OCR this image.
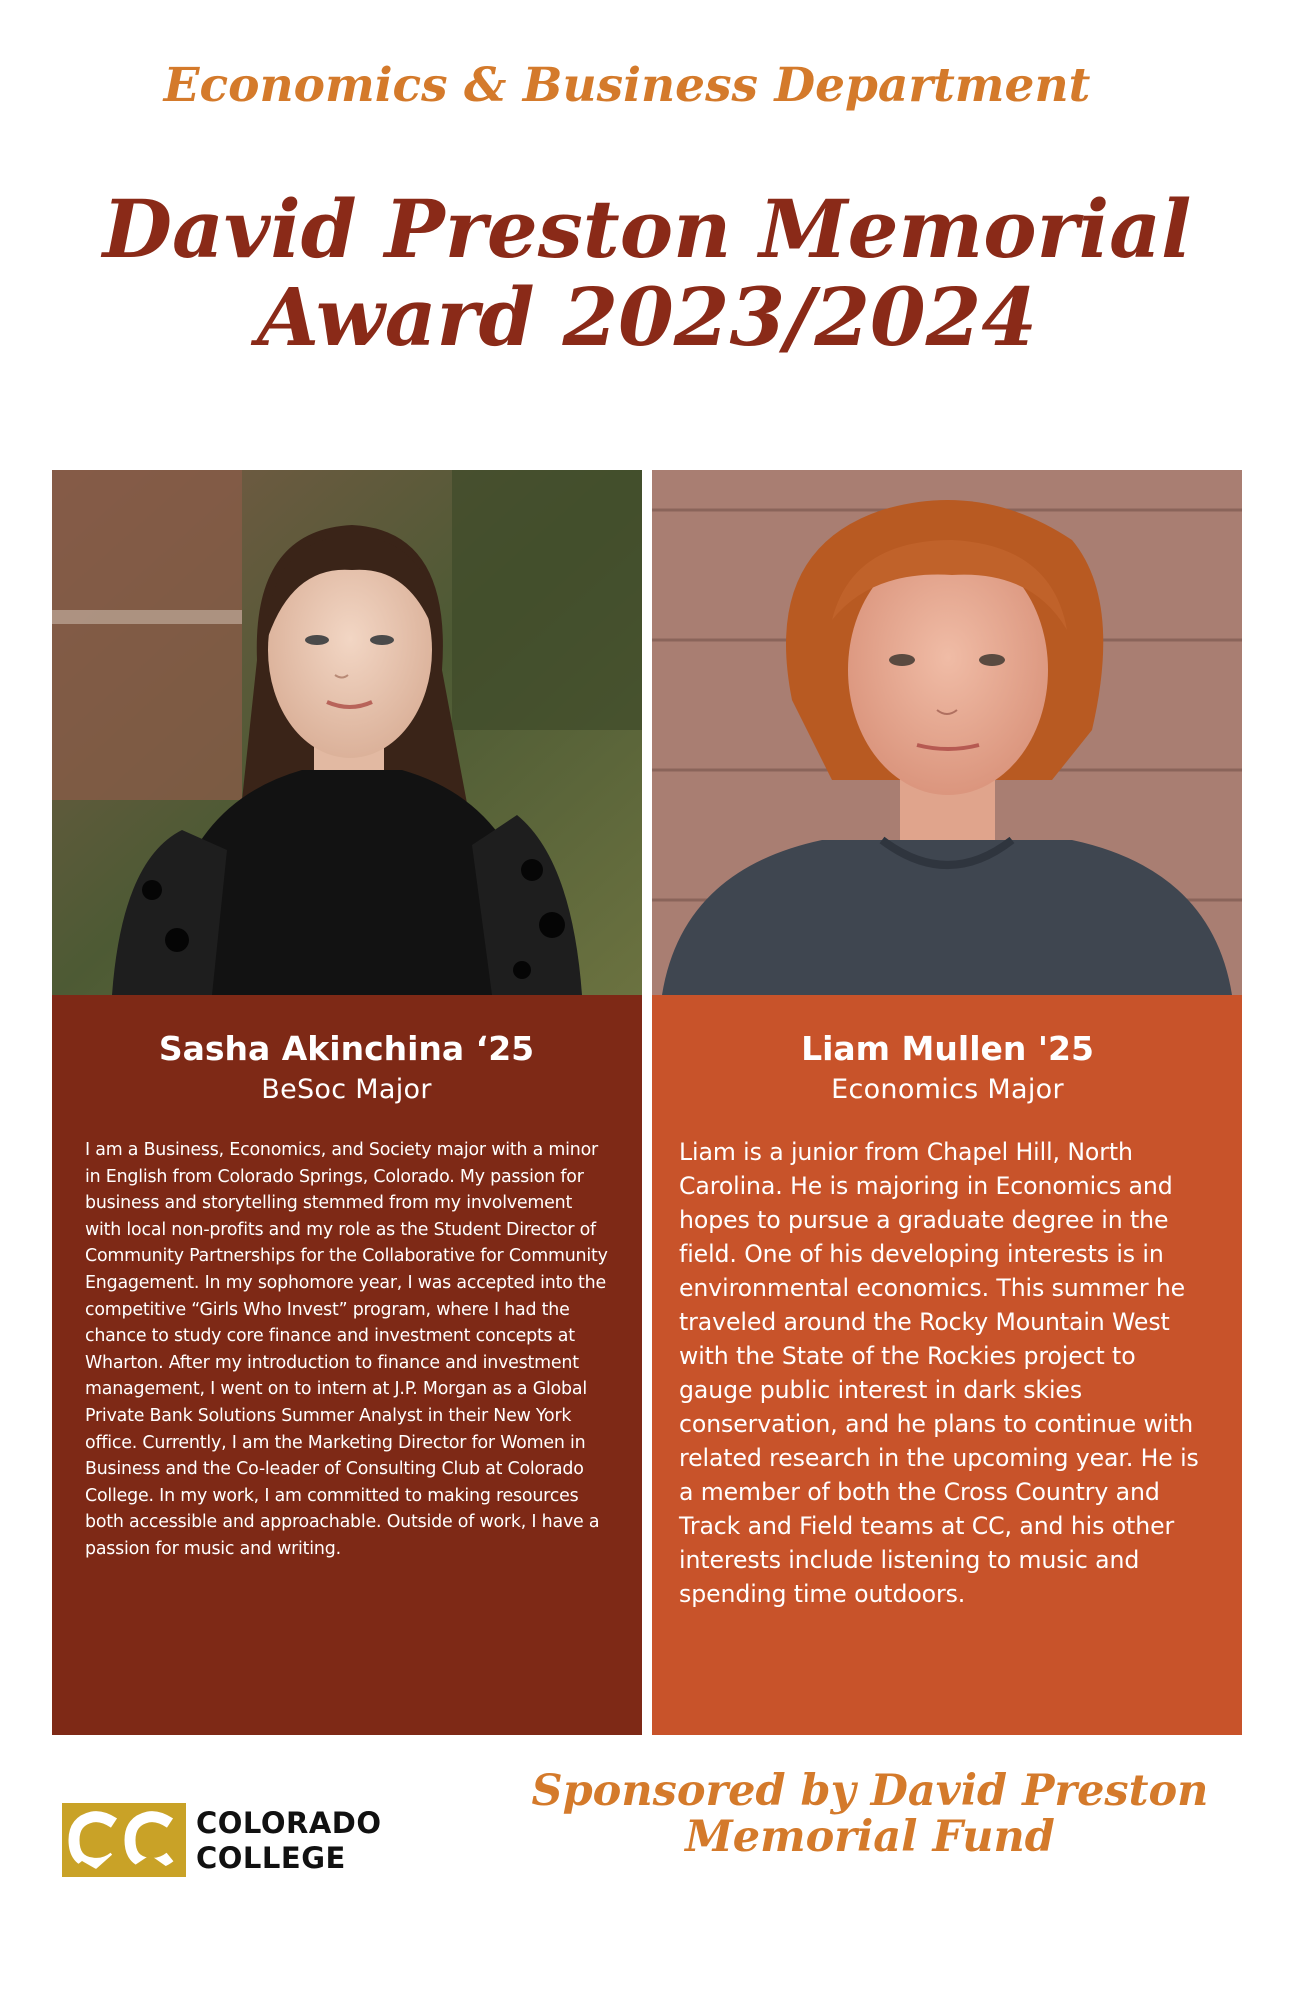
Economics & Business Department
David Preston Memorial
Award 2023/2024
Sasha Akinchina ‘25
BeSoc Major
I am a Business, Economics, and Society major with a minor in English from Colorado Springs, Colorado. My passion for business and storytelling stemmed from my involvement with local non-profits and my role as the Student Director of Community Partnerships for the Collaborative for Community Engagement. In my sophomore year, I was accepted into the competitive “Girls Who Invest” program, where I had the chance to study core finance and investment concepts at Wharton. After my introduction to finance and investment management, I went on to intern at J.P. Morgan as a Global Private Bank Solutions Summer Analyst in their New York office. Currently, I am the Marketing Director for Women in Business and the Co-leader of Consulting Club at Colorado College. In my work, I am committed to making resources both accessible and approachable. Outside of work, I have a passion for music and writing.
Liam Mullen '25
Economics Major
Liam is a junior from Chapel Hill, North Carolina. He is majoring in Economics and hopes to pursue a graduate degree in the field. One of his developing interests is in environmental economics. This summer he traveled around the Rocky Mountain West with the State of the Rockies project to gauge public interest in dark skies conservation, and he plans to continue with related research in the upcoming year. He is a member of both the Cross Country and Track and Field teams at CC, and his other interests include listening to music and spending time outdoors.
COLORADO
COLLEGE
Sponsored by David Preston
Memorial Fund
